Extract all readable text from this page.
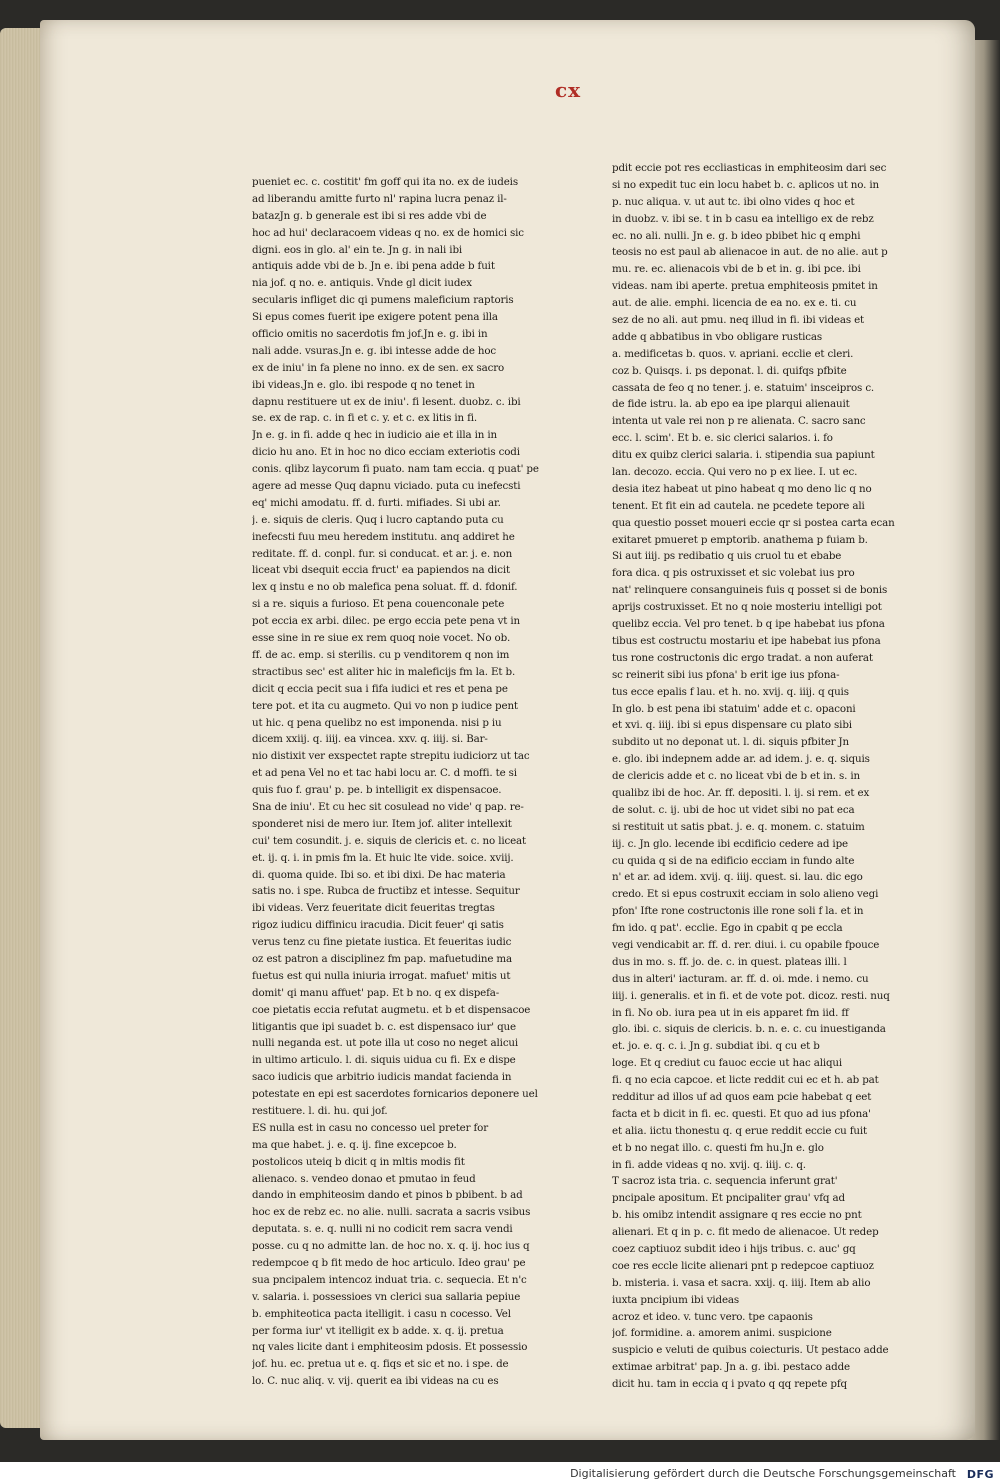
cx
pueniet ec. c. costitit' fm goff qui ita no. ex de iudeis
ad liberandu amitte furto nl' rapina lucra penaz il-
batazJn g. b generale est ibi si res adde vbi de
hoc ad hui' declaracoem videas q no. ex de homici sic
digni. eos in glo. al' ein te. Jn g. in nali ibi
antiquis adde vbi de b. Jn e. ibi pena adde b fuit
nia jof. q no. e. antiquis. Vnde gl dicit iudex
secularis infliget dic qi pumens maleficium raptoris
Si epus comes fuerit ipe exigere potent pena illa
officio omitis no sacerdotis fm jof.Jn e. g. ibi in
nali adde. vsuras.Jn e. g. ibi intesse adde de hoc
ex de iniu' in fa plene no inno. ex de sen. ex sacro
ibi videas.Jn e. glo. ibi respode q no tenet in
dapnu restituere ut ex de iniu'. fi lesent. duobz. c. ibi
se. ex de rap. c. in fi et c. y. et c. ex litis in fi.
Jn e. g. in fi. adde q hec in iudicio aie et illa in in
dicio hu ano. Et in hoc no dico ecciam exteriotis codi
conis. qlibz laycorum fi puato. nam tam eccia. q puat' pe
agere ad messe Quq dapnu viciado. puta cu inefecsti
eq' michi amodatu. ff. d. furti. mifiades. Si ubi ar.
j. e. siquis de cleris. Quq i lucro captando puta cu
inefecsti fuu meu heredem institutu. anq addiret he
reditate. ff. d. conpl. fur. si conducat. et ar. j. e. non
liceat vbi dsequit eccia fruct' ea papiendos na dicit
lex q instu e no ob malefica pena soluat. ff. d. fdonif.
si a re. siquis a furioso. Et pena couenconale pete
pot eccia ex arbi. dilec. pe ergo eccia pete pena vt in
esse sine in re siue ex rem quoq noie vocet. No ob.
ff. de ac. emp. si sterilis. cu p venditorem q non im
stractibus sec' est aliter hic in maleficijs fm la. Et b.
dicit q eccia pecit sua i fifa iudici et res et pena pe
tere pot. et ita cu augmeto. Qui vo non p iudice pent
ut hic. q pena quelibz no est imponenda. nisi p iu
dicem xxiij. q. iiij. ea vincea. xxv. q. iiij. si. Bar-
nio distixit ver exspectet rapte strepitu iudiciorz ut tac
et ad pena Vel no et tac habi locu ar. C. d moffi. te si
quis fuo f. grau' p. pe. b intelligit ex dispensacoe.
Sna de iniu'. Et cu hec sit cosulead no vide' q pap. re-
sponderet nisi de mero iur. Item jof. aliter intellexit
cui' tem cosundit. j. e. siquis de clericis et. c. no liceat
et. ij. q. i. in pmis fm la. Et huic lte vide. soice. xviij.
di. quoma quide. Ibi so. et ibi dixi. De hac materia
satis no. i spe. Rubca de fructibz et intesse. Sequitur
ibi videas. Verz feueritate dicit feueritas tregtas
rigoz iudicu diffinicu iracudia. Dicit feuer' qi satis
verus tenz cu fine pietate iustica. Et feueritas iudic
oz est patron a disciplinez fm pap. mafuetudine ma
fuetus est qui nulla iniuria irrogat. mafuet' mitis ut
domit' qi manu affuet' pap. Et b no. q ex dispefa-
coe pietatis eccia refutat augmetu. et b et dispensacoe
litigantis que ipi suadet b. c. est dispensaco iur' que
nulli neganda est. ut pote illa ut coso no neget alicui
in ultimo articulo. l. di. siquis uidua cu fi. Ex e dispe
saco iudicis que arbitrio iudicis mandat facienda in
potestate en epi est sacerdotes fornicarios deponere uel
restituere. l. di. hu. qui jof.
ES nulla est in casu no concesso uel preter for
ma que habet. j. e. q. ij. fine excepcoe b.
postolicos uteiq b dicit q in mltis modis fit
alienaco. s. vendeo donao et pmutao in feud
dando in emphiteosim dando et pinos b pbibent. b ad
hoc ex de rebz ec. no alie. nulli. sacrata a sacris vsibus
deputata. s. e. q. nulli ni no codicit rem sacra vendi
posse. cu q no admitte lan. de hoc no. x. q. ij. hoc ius q
redempcoe q b fit medo de hoc articulo. Ideo grau' pe
sua pncipalem intencoz induat tria. c. sequecia. Et n'c
v. salaria. i. possessioes vn clerici sua sallaria pepiue
b. emphiteotica pacta itelligit. i casu n cocesso. Vel
per forma iur' vt itelligit ex b adde. x. q. ij. pretua
nq vales licite dant i emphiteosim pdosis. Et possessio
jof. hu. ec. pretua ut e. q. fiqs et sic et no. i spe. de
lo. C. nuc aliq. v. vij. querit ea ibi videas na cu es
pdit eccie pot res eccliasticas in emphiteosim dari sec
si no expedit tuc ein locu habet b. c. aplicos ut no. in
p. nuc aliqua. v. ut aut tc. ibi olno vides q hoc et
in duobz. v. ibi se. t in b casu ea intelligo ex de rebz
ec. no ali. nulli. Jn e. g. b ideo pbibet hic q emphi
teosis no est paul ab alienacoe in aut. de no alie. aut p
mu. re. ec. alienacois vbi de b et in. g. ibi pce. ibi
videas. nam ibi aperte. pretua emphiteosis pmitet in
aut. de alie. emphi. licencia de ea no. ex e. ti. cu
sez de no ali. aut pmu. neq illud in fi. ibi videas et
adde q abbatibus in vbo obligare rusticas
a. medificetas b. quos. v. apriani. ecclie et cleri.
coz b. Quisqs. i. ps deponat. l. di. quifqs pfbite
cassata de feo q no tener. j. e. statuim' insceipros c.
de fide istru. la. ab epo ea ipe plarqui alienauit
intenta ut vale rei non p re alienata. C. sacro sanc
ecc. l. scim'. Et b. e. sic clerici salarios. i. fo
ditu ex quibz clerici salaria. i. stipendia sua papiunt
lan. decozo. eccia. Qui vero no p ex liee. I. ut ec.
desia itez habeat ut pino habeat q mo deno lic q no
tenent. Et fit ein ad cautela. ne pcedete tepore ali
qua questio posset moueri eccie qr si postea carta ecan
exitaret pmueret p emptorib. anathema p fuiam b.
Si aut iiij. ps redibatio q uis cruol tu et ebabe
fora dica. q pis ostruxisset et sic volebat ius pro
nat' relinquere consanguineis fuis q posset si de bonis
aprijs costruxisset. Et no q noie mosteriu intelligi pot
quelibz eccia. Vel pro tenet. b q ipe habebat ius pfona
tibus est costructu mostariu et ipe habebat ius pfona
tus rone costructonis dic ergo tradat. a non auferat
sc reinerit sibi ius pfona' b erit ige ius pfona-
tus ecce epalis f lau. et h. no. xvij. q. iiij. q quis
In glo. b est pena ibi statuim' adde et c. opaconi
et xvi. q. iiij. ibi si epus dispensare cu plato sibi
subdito ut no deponat ut. l. di. siquis pfbiter Jn
e. glo. ibi indepnem adde ar. ad idem. j. e. q. siquis
de clericis adde et c. no liceat vbi de b et in. s. in
qualibz ibi de hoc. Ar. ff. depositi. l. ij. si rem. et ex
de solut. c. ij. ubi de hoc ut videt sibi no pat eca
si restituit ut satis pbat. j. e. q. monem. c. statuim
iij. c. Jn glo. lecende ibi ecdificio cedere ad ipe
cu quida q si de na edificio ecciam in fundo alte
n' et ar. ad idem. xvij. q. iiij. quest. si. lau. dic ego
credo. Et si epus costruxit ecciam in solo alieno vegi
pfon' Ifte rone costructonis ille rone soli f la. et in
fm ido. q pat'. ecclie. Ego in cpabit q pe eccla
vegi vendicabit ar. ff. d. rer. diui. i. cu opabile fpouce
dus in mo. s. ff. jo. de. c. in quest. plateas illi. l
dus in alteri' iacturam. ar. ff. d. oi. mde. i nemo. cu
iiij. i. generalis. et in fi. et de vote pot. dicoz. resti. nuq
in fi. No ob. iura pea ut in eis apparet fm iid. ff
glo. ibi. c. siquis de clericis. b. n. e. c. cu inuestiganda
et. jo. e. q. c. i. Jn g. subdiat ibi. q cu et b
loge. Et q crediut cu fauoc eccie ut hac aliqui
fi. q no ecia capcoe. et licte reddit cui ec et h. ab pat
redditur ad illos uf ad quos eam pcie habebat q eet
facta et b dicit in fi. ec. questi. Et quo ad ius pfona'
et alia. iictu thonestu q. q erue reddit eccie cu fuit
et b no negat illo. c. questi fm hu.Jn e. glo
in fi. adde videas q no. xvij. q. iiij. c. q.
T sacroz ista tria. c. sequencia inferunt grat'
pncipale apositum. Et pncipaliter grau' vfq ad
b. his omibz intendit assignare q res eccie no pnt
alienari. Et q in p. c. fit medo de alienacoe. Ut redep
coez captiuoz subdit ideo i hijs tribus. c. auc' gq
coe res eccle licite alienari pnt p redepcoe captiuoz
b. misteria. i. vasa et sacra. xxij. q. iiij. Item ab alio
iuxta pncipium ibi videas
acroz et ideo. v. tunc vero. tpe capaonis
jof. formidine. a. amorem animi. suspicione
suspicio e veluti de quibus coiecturis. Ut pestaco adde
extimae arbitrat' pap. Jn a. g. ibi. pestaco adde
dicit hu. tam in eccia q i pvato q qq repete pfq
Digitalisierung gefördert durch die Deutsche Forschungsgemeinschaft DFG
